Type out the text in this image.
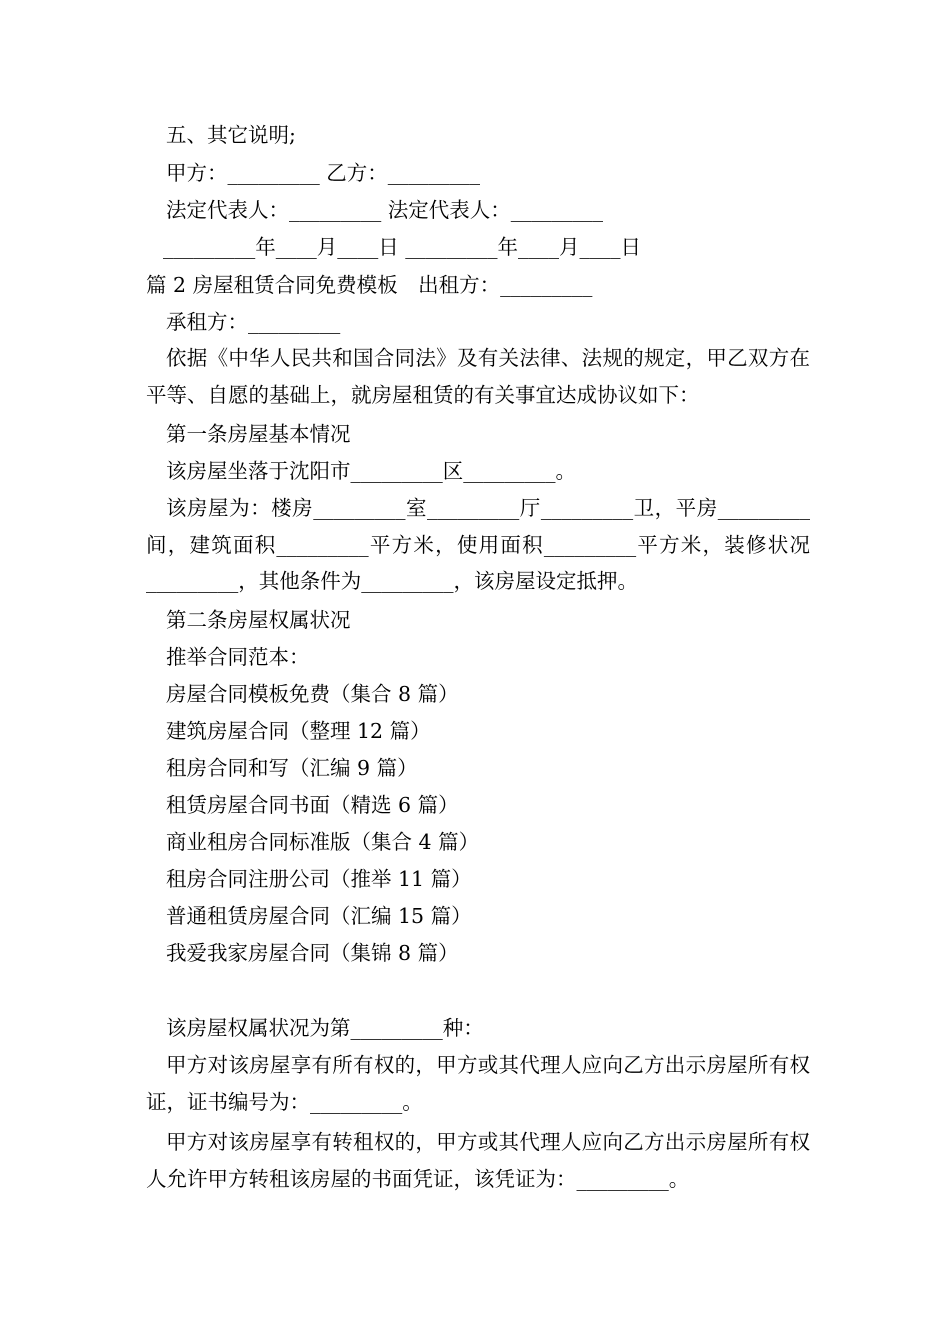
五、其它说明;
甲方：_________ 乙方：_________
法定代表人：_________ 法定代表人：_________
_________年____月____日 _________年____月____日
篇 2 房屋租赁合同免费模板　出租方：_________
承租方：_________
依据《中华人民共和国合同法》及有关法律、法规的规定，甲乙双方在平等、自愿的基础上，就房屋租赁的有关事宜达成协议如下：
第一条房屋基本情况
该房屋坐落于沈阳市_________区_________。
该房屋为：楼房_________室_________厅_________卫，平房_________间，建筑面积_________平方米，使用面积_________平方米，装修状况_________，其他条件为_________，该房屋设定抵押。
第二条房屋权属状况
推举合同范本：
房屋合同模板免费（集合 8 篇）
建筑房屋合同（整理 12 篇）
租房合同和写（汇编 9 篇）
租赁房屋合同书面（精选 6 篇）
商业租房合同标准版（集合 4 篇）
租房合同注册公司（推举 11 篇）
普通租赁房屋合同（汇编 15 篇）
我爱我家房屋合同（集锦 8 篇）
该房屋权属状况为第_________种：
甲方对该房屋享有所有权的，甲方或其代理人应向乙方出示房屋所有权证，证书编号为：_________。
甲方对该房屋享有转租权的，甲方或其代理人应向乙方出示房屋所有权人允许甲方转租该房屋的书面凭证，该凭证为：_________。
